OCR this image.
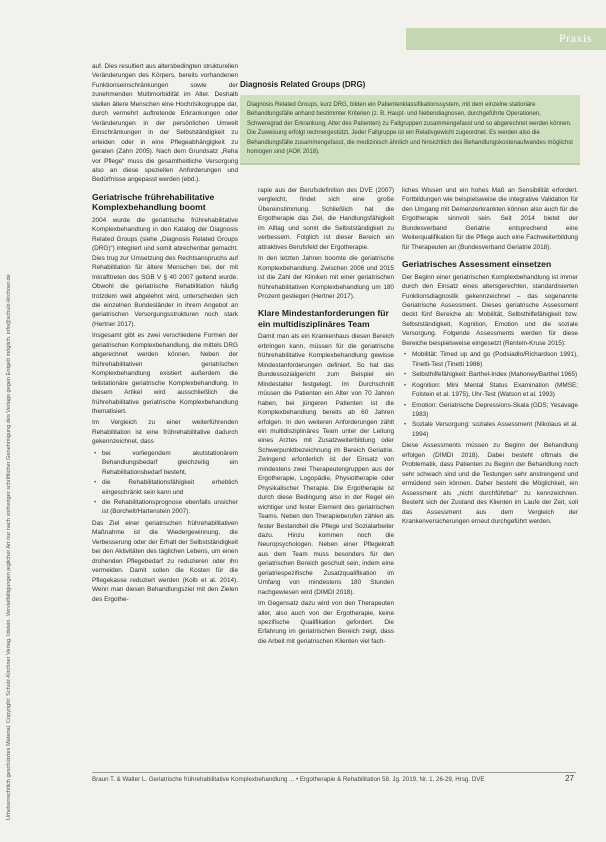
Urheberrechtlich geschütztes Material. Copyright: Schulz-Kirchner Verlag, Idstein. Vervielfältigungen jeglicher Art nur nach vorheriger schriftlicher Genehmigung des Verlags gegen Entgelt möglich. info@schulz-kirchner.de
Praxis
Diagnosis Related Groups (DRG)
Diagnosis Related Groups, kurz DRG, bilden ein Patientenklassifikationssystem, mit dem einzelne stationäre Behandlungsfälle anhand bestimmter Kriterien (z. B. Haupt- und Nebendiagnosen, durchgeführte Operationen, Schweregrad der Erkrankung, Alter des Patienten) zu Fallgruppen zusammengefasst und so abgerechnet werden können. Die Zuweisung erfolgt rechnergestützt. Jeder Fallgruppe ist ein Relativgewicht zugeordnet. Es werden also die Behandlungsfälle zusammengefasst, die medizinisch ähnlich und hinsichtlich des Behandlungskostenaufwandes möglichst homogen sind (AOK 2018).

auf. Dies resultiert aus altersbedingten strukturellen Veränderungen des Körpers, bereits vorhandenen Funktionseinschränkungen sowie der zunehmenden Multimorbidität im Alter. Deshalb stellen ältere Menschen eine Hochrisikogruppe dar, durch vermehrt auftretende Erkrankungen oder Veränderungen in der persönlichen Umwelt Einschränkungen in der Selbstständigkeit zu erleiden oder in eine Pflegeabhängigkeit zu geraten (Zahn 2005). Nach dem Grundsatz „Reha vor Pflege“ muss die gesamtheitliche Versorgung also an diese speziellen Anforderungen und Bedürfnisse angepasst werden (ebd.).

Geriatrische frührehabilitative Komplexbehandlung boomt

2004 wurde die geriatrische frührehabilitative Komplexbehandlung in den Katalog der Diagnosis Related Groups (siehe „Diagnosis Related Groups (DRG)“) integriert und somit abrechenbar gemacht. Dies trug zur Umsetzung des Rechtsanspruchs auf Rehabilitation für ältere Menschen bei, der mit Inkrafttreten des SGB V § 40 2007 geltend wurde. Obwohl die geriatrische Rehabilitation häufig trotzdem weit abgelehnt wird, unterscheiden sich die einzelnen Bundesländer in ihrem Angebot an geriatrischen Versorgungsstrukturen noch stark (Hertner 2017).

Insgesamt gibt es zwei verschiedene Formen der geriatrischen Komplexbehandlung, die mittels DRG abgerechnet werden können. Neben der frührehabilitativen geriatrischen Komplexbehandlung existiert außerdem die teilstationäre geriatrische Komplexbehandlung. In diesem Artikel wird ausschließlich die frührehabilitative geriatrische Komplexbehandlung thematisiert.

Im Vergleich zu einer weiterführenden Rehabilitation ist eine frührehabilitative dadurch gekennzeichnet, dass

• bei vorliegendem akutstationärem Behandlungsbedarf gleichzeitig ein Rehabilitationsbedarf besteht,
• die Rehabilitationsfähigkeit erheblich eingeschränkt sein kann und
• die Rehabilitationsprognose ebenfalls unsicher ist (Borchelt/Hartenstein 2007).

Das Ziel einer geriatrischen frührehabilitativen Maßnahme ist die Wiedergewinnung, die Verbesserung oder der Erhalt der Selbstständigkeit bei den Aktivitäten des täglichen Lebens, um einen drohenden Pflegebedarf zu reduzieren oder ihn vermeiden. Damit sollen die Kosten für die Pflegekasse reduziert werden (Kolb et al. 2014). Wenn man diesen Behandlungsziel mit den Zielen des Ergothe-

rapie aus der Berufsdefinition des DVE (2007) vergleicht, findet sich eine große Übereinstimmung. Schließlich hat die Ergotherapie das Ziel, die Handlungsfähigkeit im Alltag und somit die Selbstständigkeit zu verbessern. Folglich ist dieser Bereich ein attraktives Berufsfeld der Ergotherapie.

In den letzten Jahren boomte die geriatrische Komplexbehandlung. Zwischen 2006 und 2015 ist die Zahl der Kliniken mit einer geriatrischen frührehabilitativen Komplexbehandlung um 180 Prozent gestiegen (Hertner 2017).

Klare Mindestanforderungen für ein multidisziplinäres Team

Damit man als ein Krankenhaus diesen Bereich erbringen kann, müssen für die geriatrische frührehabilitative Komplexbehandlung gewisse Mindestanforderungen definiert. So hat das Bundessozialgericht zum Beispiel ein Mindestalter festgelegt. Im Durchschnitt müssen die Patienten ein Alter von 70 Jahren haben, bei jüngeren Patienten ist die Komplexbehandlung bereits ab 60 Jahren erfolgen. In den weiteren Anforderungen zählt ein multidisziplinäres Team unter der Leitung eines Arztes mit Zusatzweiterbildung oder Schwerpunktbezeichnung im Bereich Geriatrie. Zwingend erforderlich ist der Einsatz von mindestens zwei Therapeutengruppen aus der Ergotherapie, Logopädie, Physiotherapie oder Physikalischer Therapie. Die Ergotherapie ist durch diese Bedingung also in der Regel ein wichtiger und fester Element des geriatrischen Teams. Neben den Therapieberufen zählen als fester Bestandteil die Pflege und Sozialarbeiter dazu. Hinzu kommen noch die Neuropsychologen. Neben einer Pflegekraft aus dem Team muss besonders für den geriatrischen Bereich geschult sein, indem eine geriatriespezifische Zusatzqualifikation im Umfang von mindestens 180 Stunden nachgewiesen wird (DIMDI 2018).

Im Gegensatz dazu wird von den Therapeuten aller, also auch von der Ergotherapie, keine spezifische Qualifikation gefordert. Die Erfahrung im geriatrischen Bereich zeigt, dass die Arbeit mit geriatrischen Klienten viel fach-

liches Wissen und ein hohes Maß an Sensibilität erfordert. Fortbildungen wie beispielsweise die integrative Validation für den Umgang mit Demenzerkrankten können also auch für die Ergotherapie sinnvoll sein. Seit 2014 bietet der Bundesverband Geriatrie entsprechend eine Weiterqualifikation für die Pflege auch eine Fachweiterbildung für Therapeuten an (Bundesverband Geriatrie 2018).

Geriatrisches Assessment einsetzen

Der Beginn einer geriatrischen Komplexbehandlung ist immer durch den Einsatz eines altersgerechten, standardisierten Funktionsdiagnostik gekennzeichnet – das sogenannte Geriatrische Assessment. Dieses geriatrische Assessment deckt fünf Bereiche ab: Mobilität, Selbsthilfefähigkeit bzw. Selbstständigkeit, Kognition, Emotion und die soziale Versorgung. Folgende Assessments werden für diese Bereiche beispielsweise eingesetzt (Renteln-Kruse 2015):

• Mobilität: Timed up and go (Podsiadlo/Richardson 1991), Tinetti-Test (Tinetti 1986)
• Selbsthilfefähigkeit: Barthel-Index (Mahoney/Barthel 1965)
• Kognition: Mini Mental Status Examination (MMSE; Folstein et al. 1975), Uhr-Test (Watson et al. 1993)
• Emotion: Geriatrische Depressions-Skala (GDS; Yesavage 1983)
• Soziale Versorgung: soziales Assessment (Nikolaus et al. 1994)

Diese Assessments müssen zu Beginn der Behandlung erfolgen (DIMDI 2018). Dabei besteht oftmals die Problematik, dass Patienten zu Beginn der Behandlung noch sehr schwach sind und die Testungen sehr anstrengend und ermüdend sein können. Daher besteht die Möglichkeit, ein Assessment als „nicht durchführbar“ zu kennzeichnen. Besteht sich der Zustand des Klienten im Laufe der Zeit, soll das Assessment aus dem Vergleich der Krankenversicherungen erneut durchgeführt werden.

Braun T. & Walter L. Geriatrische frührehabilitative Komplexbehandlung ... • Ergotherapie & Rehabilitation 58. Jg. 2019, Nr. 1, 26-29, Hrsg. DVE	27
